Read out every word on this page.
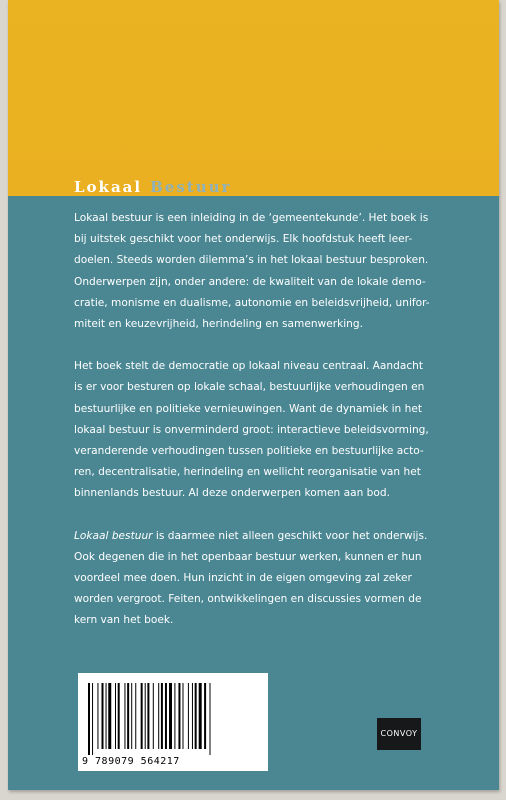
Lokaal Bestuur

Lokaal bestuur is een inleiding in de ‘gemeentekunde’. Het boek is
bij uitstek geschikt voor het onderwijs. Elk hoofdstuk heeft leer-
doelen. Steeds worden dilemma’s in het lokaal bestuur besproken.
Onderwerpen zijn, onder andere: de kwaliteit van de lokale demo-
cratie, monisme en dualisme, autonomie en beleidsvrijheid, unifor-
miteit en keuzevrijheid, herindeling en samenwerking.

Het boek stelt de democratie op lokaal niveau centraal. Aandacht
is er voor besturen op lokale schaal, bestuurlijke verhoudingen en
bestuurlijke en politieke vernieuwingen. Want de dynamiek in het
lokaal bestuur is onverminderd groot: interactieve beleidsvorming,
veranderende verhoudingen tussen politieke en bestuurlijke acto-
ren, decentralisatie, herindeling en wellicht reorganisatie van het
binnenlands bestuur. Al deze onderwerpen komen aan bod.

Lokaal bestuur is daarmee niet alleen geschikt voor het onderwijs.
Ook degenen die in het openbaar bestuur werken, kunnen er hun
voordeel mee doen. Hun inzicht in de eigen omgeving zal zeker
worden vergroot. Feiten, ontwikkelingen en discussies vormen de
kern van het boek.

9 789079 564217
CONVOY
